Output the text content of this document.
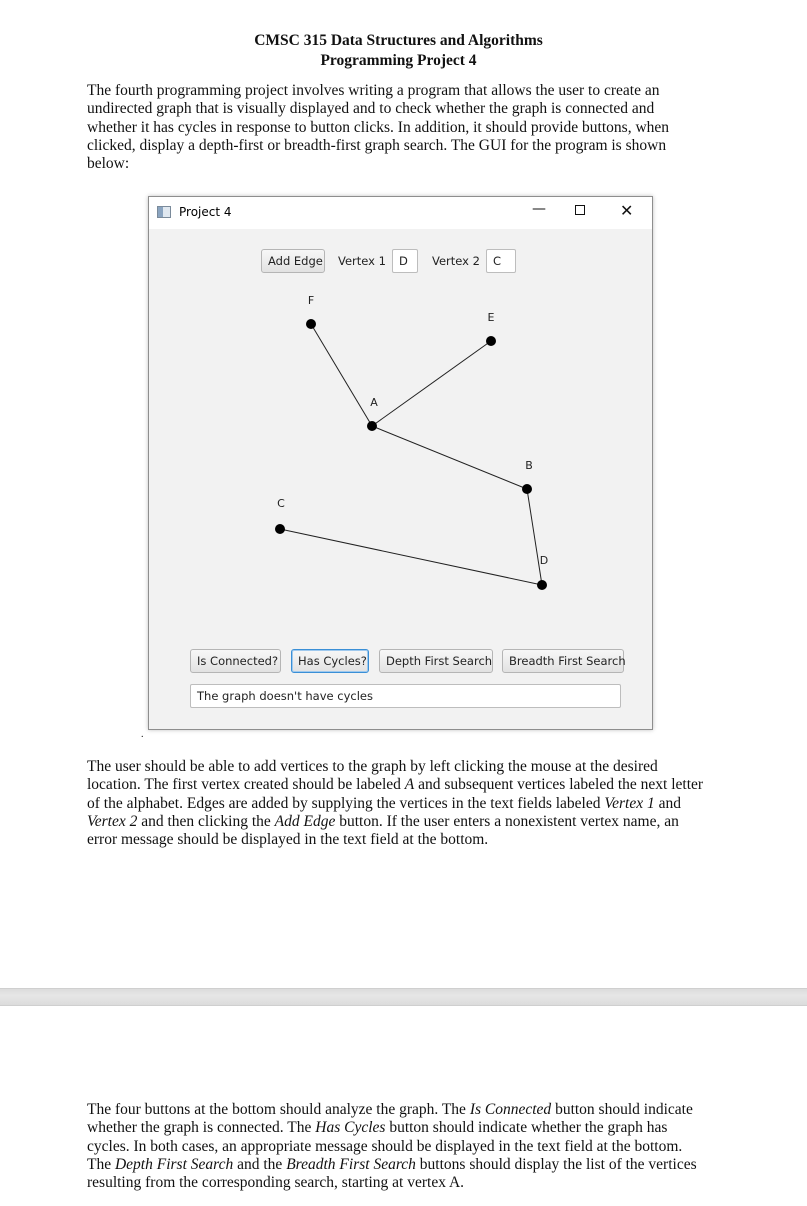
CMSC 315 Data Structures and Algorithms
Programming Project 4

The fourth programming project involves writing a program that allows the user to create an undirected graph that is visually displayed and to check whether the graph is connected and whether it has cycles in response to button clicks. In addition, it should provide buttons, when clicked, display a depth-first or breadth-first graph search. The GUI for the program is shown below:

Project 4	—	✕
Add Edge Vertex 1	D	Vertex 2	C
F
E
A
B
C
D
Is Connected?	Has Cycles?	Depth First Search	Breadth First Search
The graph doesn't have cycles
.

The user should be able to add vertices to the graph by left clicking the mouse at the desired location. The first vertex created should be labeled A and subsequent vertices labeled the next letter of the alphabet. Edges are added by supplying the vertices in the text fields labeled Vertex 1 and Vertex 2 and then clicking the Add Edge button. If the user enters a nonexistent vertex name, an error message should be displayed in the text field at the bottom.

The four buttons at the bottom should analyze the graph. The Is Connected button should indicate whether the graph is connected. The Has Cycles button should indicate whether the graph has cycles. In both cases, an appropriate message should be displayed in the text field at the bottom. The Depth First Search and the Breadth First Search buttons should display the list of the vertices resulting from the corresponding search, starting at vertex A.
